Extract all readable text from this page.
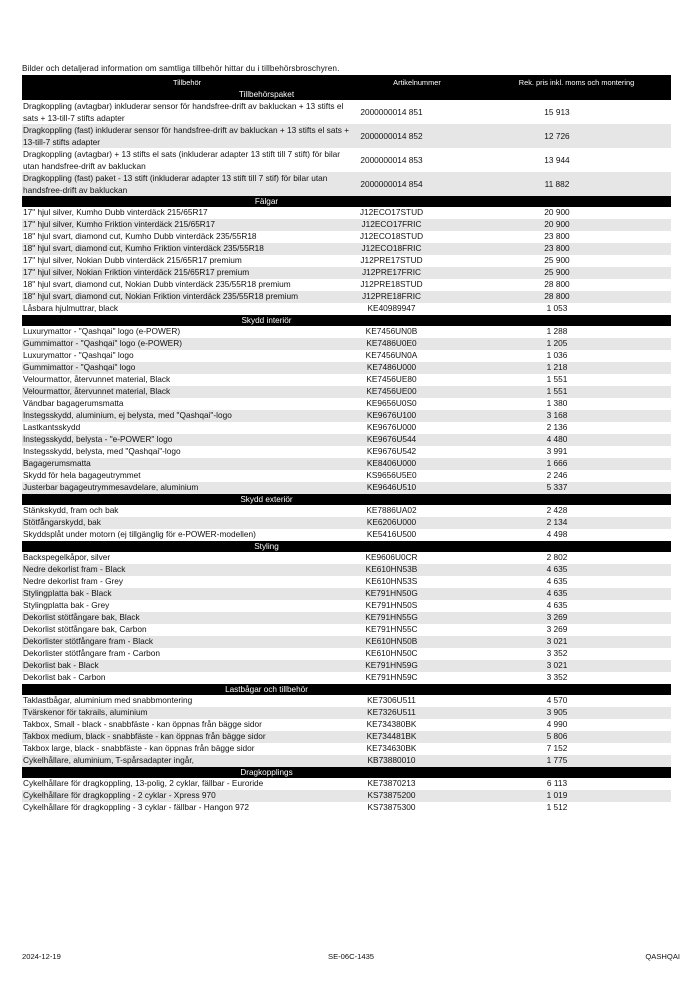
Bilder och detaljerad information om samtliga tillbehör hittar du i tillbehörsbroschyren.
Tillbehör	Artikelnummer	Rek. pris inkl. moms och montering
Tillbehörspaket		
Dragkoppling (avtagbar) inkluderar sensor för handsfree-drift av bakluckan + 13 stifts el sats + 13-till-7 stifts adapter	2000000014 851	15 913
Dragkoppling (fast) inkluderar sensor för handsfree-drift av bakluckan + 13 stifts el sats + 13-till-7 stifts adapter	2000000014 852	12 726
Dragkoppling (avtagbar) + 13 stifts el sats (inkluderar adapter 13 stift till 7 stift) för bilar utan handsfree-drift av bakluckan	2000000014 853	13 944
Dragkoppling (fast) paket - 13 stift (inkluderar adapter 13 stift till 7 stif) för bilar utan handsfree-drift av bakluckan	2000000014 854	11 882
Fälgar		
17" hjul silver, Kumho Dubb vinterdäck 215/65R17	J12ECO17STUD	20 900
17" hjul silver, Kumho Friktion vinterdäck 215/65R17	J12ECO17FRIC	20 900
18" hjul svart, diamond cut, Kumho Dubb vinterdäck 235/55R18	J12ECO18STUD	23 800
18" hjul svart, diamond cut, Kumho Friktion vinterdäck 235/55R18	J12ECO18FRIC	23 800
17" hjul silver, Nokian Dubb vinterdäck 215/65R17 premium	J12PRE17STUD	25 900
17" hjul silver, Nokian Friktion vinterdäck 215/65R17 premium	J12PRE17FRIC	25 900
18" hjul svart, diamond cut, Nokian Dubb vinterdäck 235/55R18 premium	J12PRE18STUD	28 800
18" hjul svart, diamond cut, Nokian Friktion vinterdäck 235/55R18 premium	J12PRE18FRIC	28 800
Låsbara hjulmuttrar, black	KE40989947	1 053
Skydd interiör		
Luxurymattor - "Qashqai" logo (e-POWER)	KE7456UN0B	1 288
Gummimattor - "Qashqai" logo (e-POWER)	KE7486U0E0	1 205
Luxurymattor - "Qashqai" logo	KE7456UN0A	1 036
Gummimattor - "Qashqai" logo	KE7486U000	1 218
Velourmattor, återvunnet material, Black	KE7456UE80	1 551
Velourmattor, återvunnet material, Black	KE7456UE00	1 551
Vändbar bagagerumsmatta	KE9656U0S0	1 380
Instegsskydd, aluminium, ej belysta, med "Qashqai"-logo	KE9676U100	3 168
Lastkantsskydd	KE9676U000	2 136
Instegsskydd, belysta - "e-POWER" logo	KE9676U544	4 480
Instegsskydd, belysta, med "Qashqai"-logo	KE9676U542	3 991
Bagagerumsmatta	KE8406U000	1 666
Skydd för hela bagageutrymmet	KS9656U5E0	2 246
Justerbar bagageutrymmesavdelare, aluminium	KE9646U510	5 337
Skydd exteriör		
Stänkskydd, fram och bak	KE7886UA02	2 428
Stötfångarskydd, bak	KE6206U000	2 134
Skyddsplåt under motorn (ej tillgänglig för e-POWER-modellen)	KE5416U500	4 498
Styling		
Backspegelkåpor, silver	KE9606U0CR	2 802
Nedre dekorlist fram - Black	KE610HN53B	4 635
Nedre dekorlist fram - Grey	KE610HN53S	4 635
Stylingplatta bak - Black	KE791HN50G	4 635
Stylingplatta bak - Grey	KE791HN50S	4 635
Dekorlist stötfångare bak, Black	KE791HN55G	3 269
Dekorlist stötfångare bak, Carbon	KE791HN55C	3 269
Dekorlister stötfångare fram - Black	KE610HN50B	3 021
Dekorlister stötfångare fram - Carbon	KE610HN50C	3 352
Dekorlist bak - Black	KE791HN59G	3 021
Dekorlist bak - Carbon	KE791HN59C	3 352
Lastbågar och tillbehör		
Taklastbågar, aluminium med snabbmontering	KE7306U511	4 570
Tvärskenor för takrails, aluminium	KE7326U511	3 905
Takbox, Small - black - snabbfäste - kan öppnas från bägge sidor	KE734380BK	4 990
Takbox medium, black - snabbfäste - kan öppnas från bägge sidor	KE734481BK	5 806
Takbox large, black - snabbfäste - kan öppnas från bägge sidor	KE734630BK	7 152
Cykelhållare, aluminium, T-spårsadapter ingår,	KB73880010	1 775
Dragkopplings		
Cykelhållare för dragkoppling, 13-polig, 2 cyklar, fällbar - Euroride	KE73870213	6 113
Cykelhållare för dragkoppling - 2 cyklar - Xpress 970	KS73875200	1 019
Cykelhållare för dragkoppling - 3 cyklar - fällbar - Hangon 972	KS73875300	1 512
2024-12-19	SE-06C-1435	QASHQAI
